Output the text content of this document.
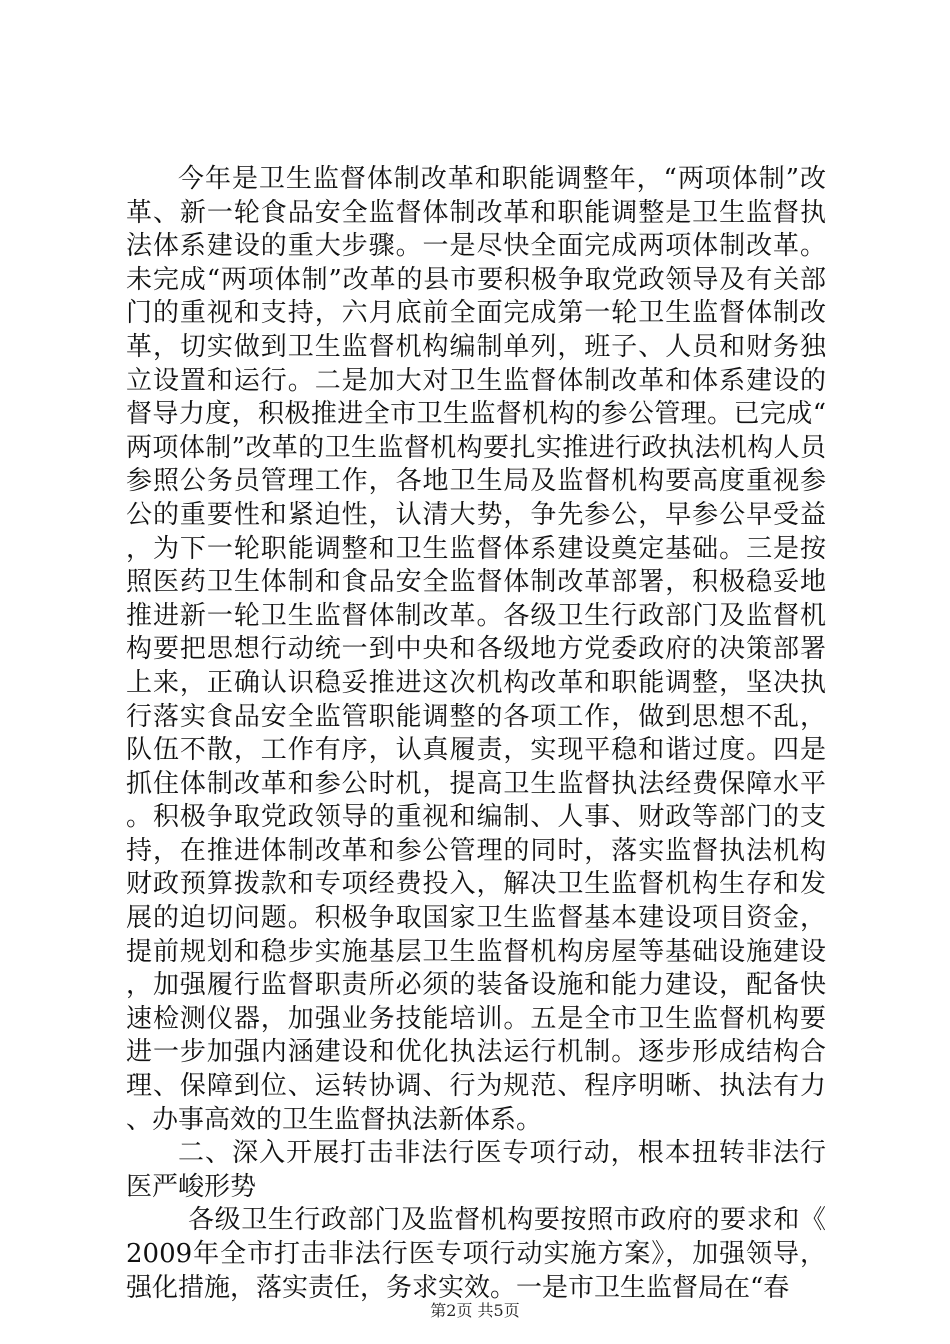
今年是卫生监督体制改革和职能调整年，“两项体制”改革、新一轮食品安全监督体制改革和职能调整是卫生监督执法体系建设的重大步骤。一是尽快全面完成两项体制改革。未完成“两项体制”改革的县市要积极争取党政领导及有关部门的重视和支持，六月底前全面完成第一轮卫生监督体制改革，切实做到卫生监督机构编制单列，班子、人员和财务独立设置和运行。二是加大对卫生监督体制改革和体系建设的督导力度，积极推进全市卫生监督机构的参公管理。已完成“两项体制”改革的卫生监督机构要扎实推进行政执法机构人员参照公务员管理工作，各地卫生局及监督机构要高度重视参公的重要性和紧迫性，认清大势，争先参公，早参公早受益，为下一轮职能调整和卫生监督体系建设奠定基础。三是按照医药卫生体制和食品安全监督体制改革部署，积极稳妥地推进新一轮卫生监督体制改革。各级卫生行政部门及监督机构要把思想行动统一到中央和各级地方党委政府的决策部署上来，正确认识稳妥推进这次机构改革和职能调整，坚决执行落实食品安全监管职能调整的各项工作，做到思想不乱，队伍不散，工作有序，认真履责，实现平稳和谐过度。四是抓住体制改革和参公时机，提高卫生监督执法经费保障水平。积极争取党政领导的重视和编制、人事、财政等部门的支持，在推进体制改革和参公管理的同时，落实监督执法机构财政预算拨款和专项经费投入，解决卫生监督机构生存和发展的迫切问题。积极争取国家卫生监督基本建设项目资金，提前规划和稳步实施基层卫生监督机构房屋等基础设施建设，加强履行监督职责所必须的装备设施和能力建设，配备快速检测仪器，加强业务技能培训。五是全市卫生监督机构要进一步加强内涵建设和优化执法运行机制。逐步形成结构合理、保障到位、运转协调、行为规范、程序明晰、执法有力、办事高效的卫生监督执法新体系。

二、深入开展打击非法行医专项行动，根本扭转非法行医严峻形势

各级卫生行政部门及监督机构要按照市政府的要求和《2009年全市打击非法行医专项行动实施方案》，加强领导，强化措施，落实责任，务求实效。一是市卫生监督局在“春

第2页 共5页
